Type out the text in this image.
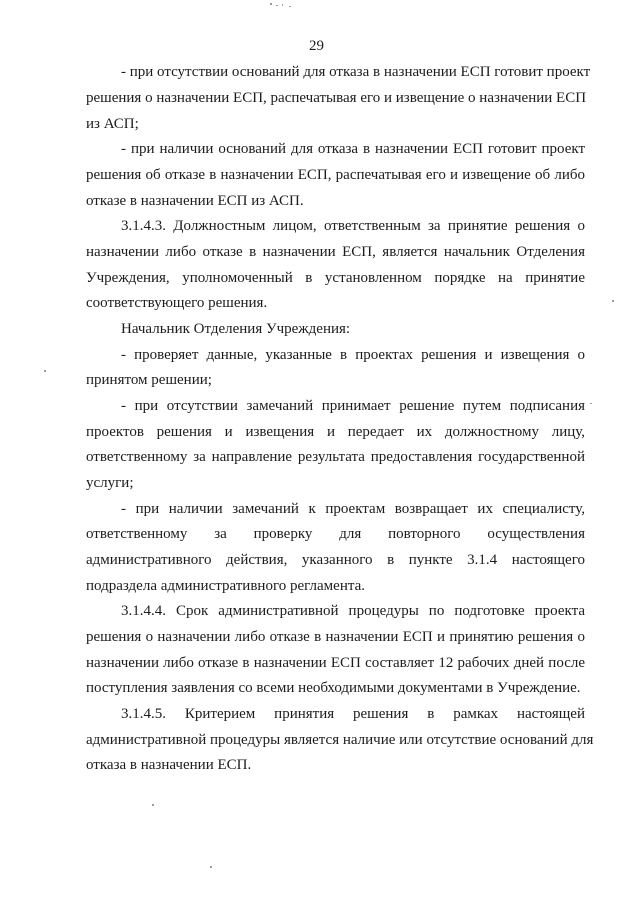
29
- при отсутствии оснований для отказа в назначении ЕСП готовит проект
решения о назначении ЕСП, распечатывая его и извещение о назначении ЕСП
из АСП;
- при наличии оснований для отказа в назначении ЕСП готовит проект
решения об отказе в назначении ЕСП, распечатывая его и извещение об либо
отказе в назначении ЕСП из АСП.
3.1.4.3. Должностным лицом, ответственным за принятие решения о
назначении либо отказе в назначении ЕСП, является начальник Отделения
Учреждения, уполномоченный в установленном порядке на принятие
соответствующего решения.
Начальник Отделения Учреждения:
- проверяет данные, указанные в проектах решения и извещения о
принятом решении;
- при отсутствии замечаний принимает решение путем подписания
проектов решения и извещения и передает их должностному лицу,
ответственному за направление результата предоставления государственной
услуги;
- при наличии замечаний к проектам возвращает их специалисту,
ответственному за проверку для повторного осуществления
административного действия, указанного в пункте 3.1.4 настоящего
подраздела административного регламента.
3.1.4.4. Срок административной процедуры по подготовке проекта
решения о назначении либо отказе в назначении ЕСП и принятию решения о
назначении либо отказе в назначении ЕСП составляет 12 рабочих дней после
поступления заявления со всеми необходимыми документами в Учреждение.
3.1.4.5. Критерием принятия решения в рамках настоящей
административной процедуры является наличие или отсутствие оснований для
отказа в назначении ЕСП.
